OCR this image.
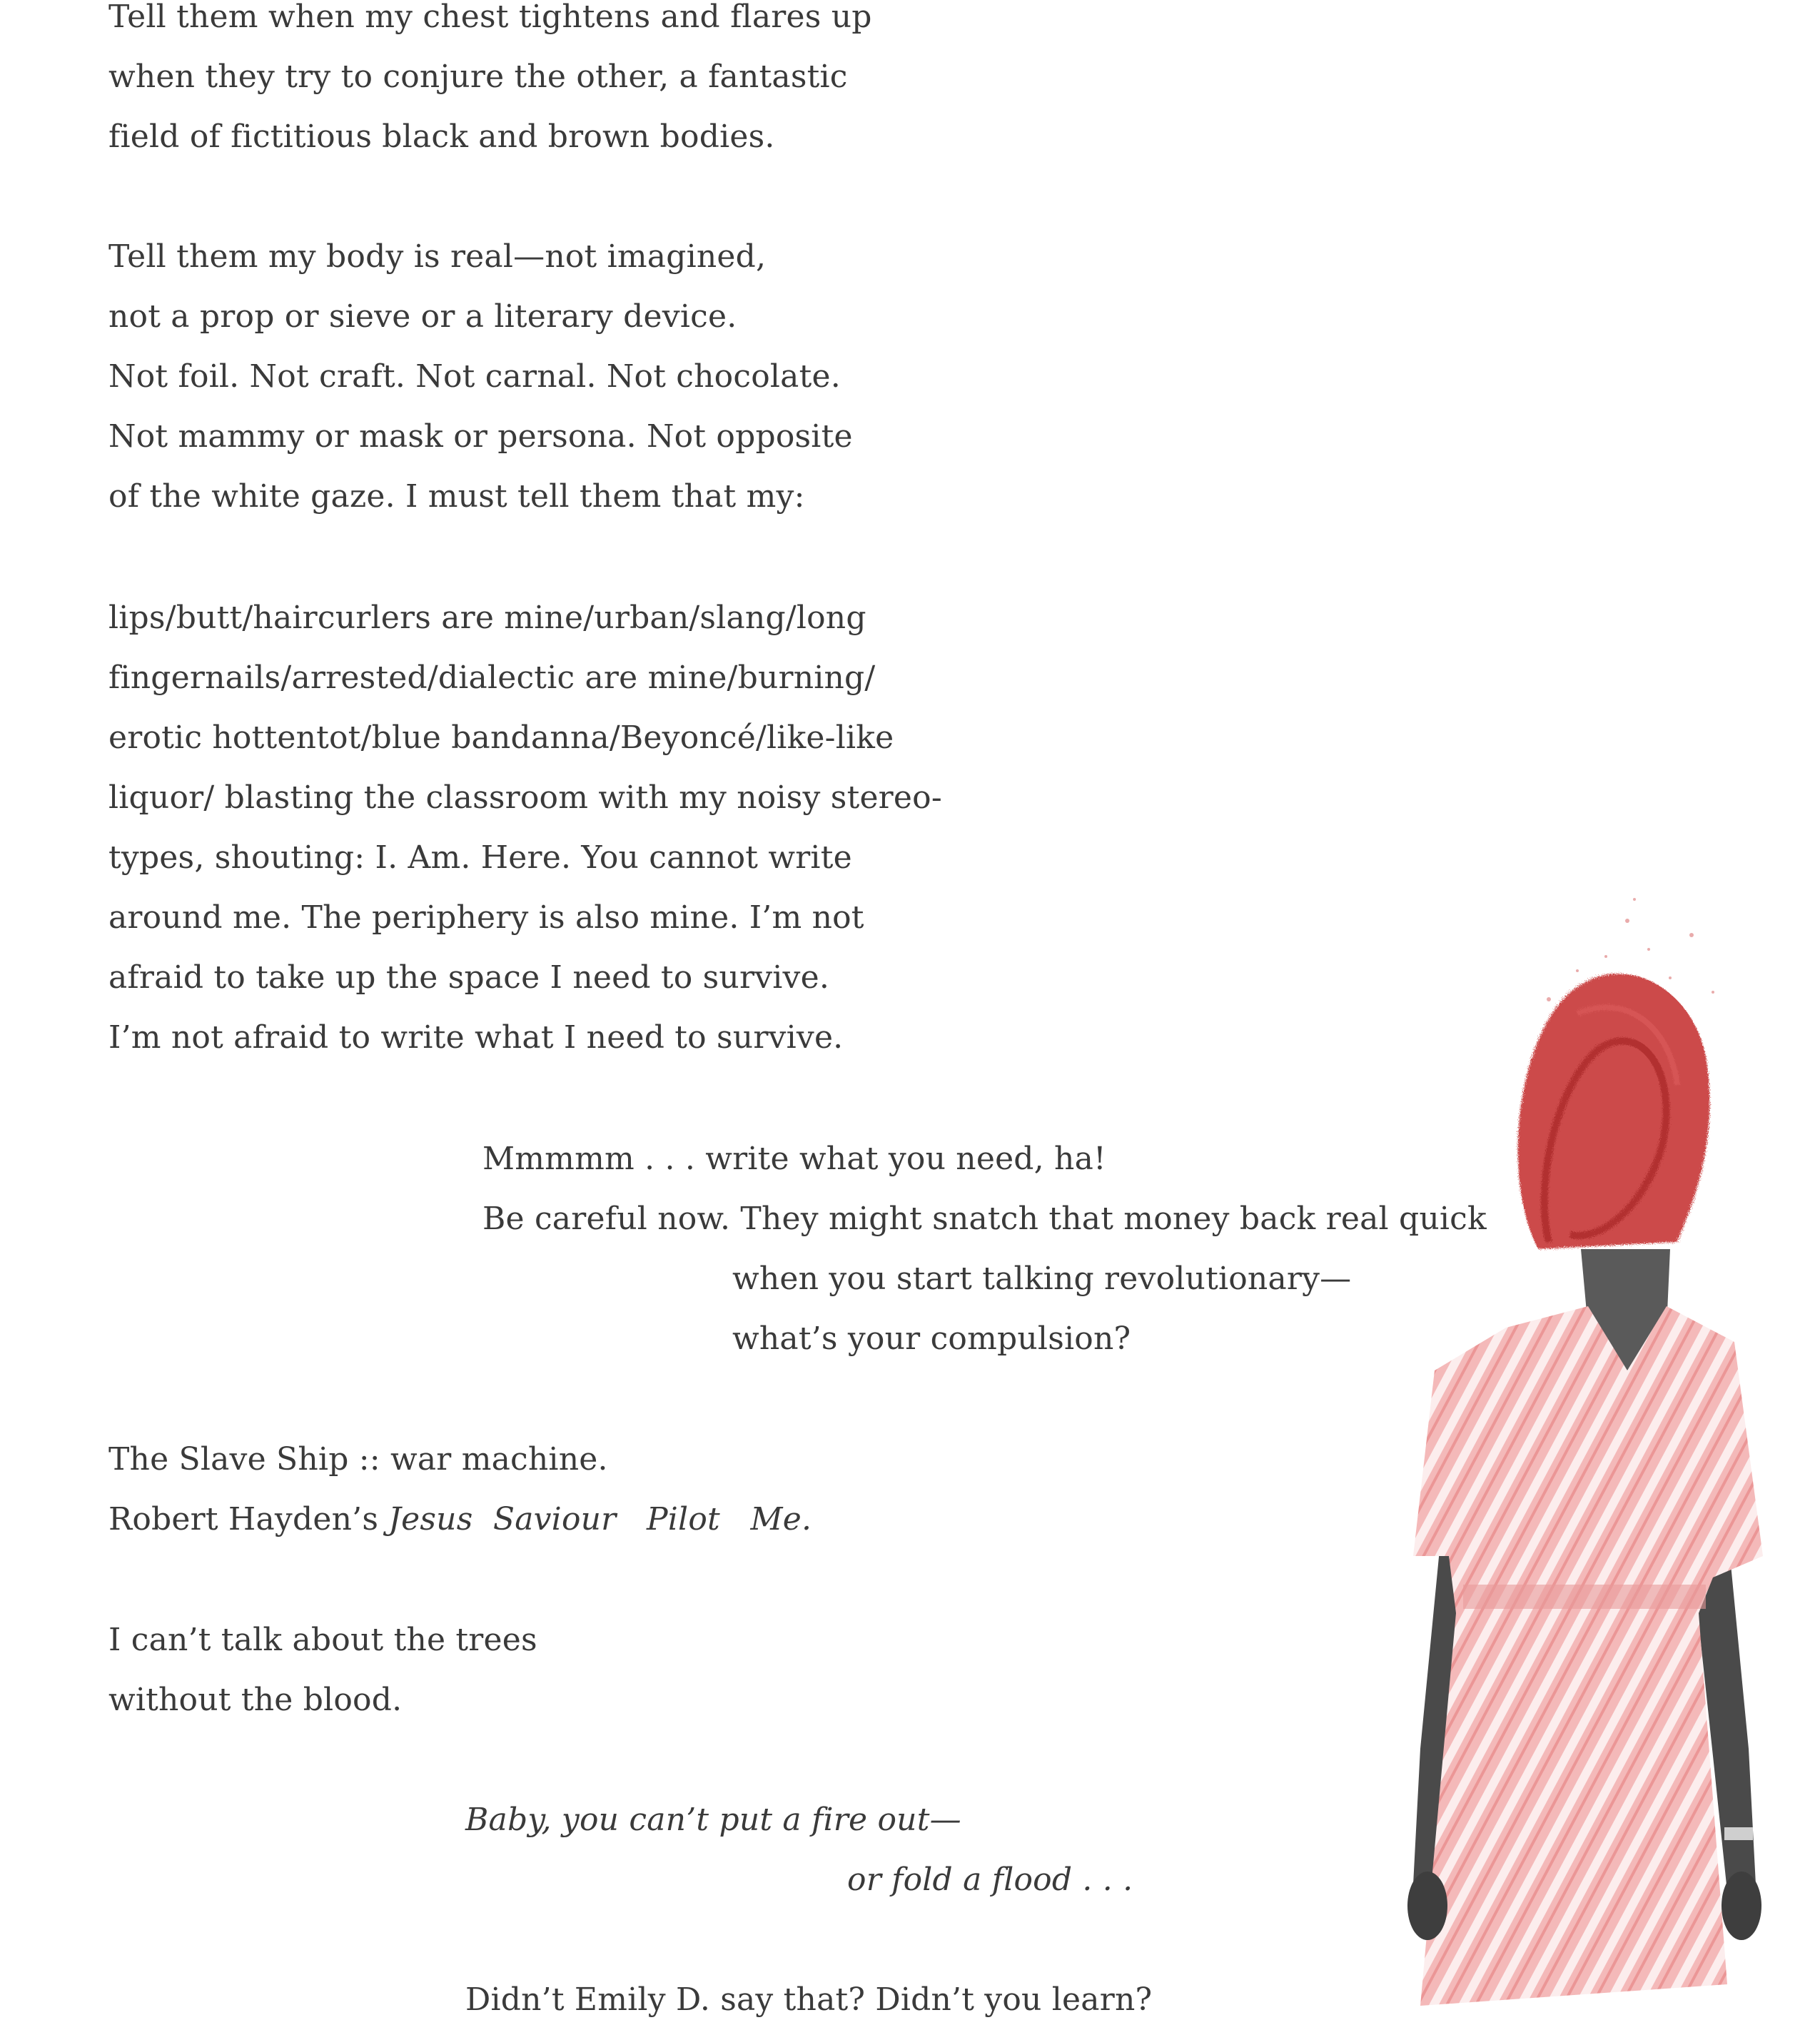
Tell them when my chest tightens and flares up
when they try to conjure the other, a fantastic
field of fictitious black and brown bodies.
Tell them my body is real—not imagined,
not a prop or sieve or a literary device.
Not foil. Not craft. Not carnal. Not chocolate.
Not mammy or mask or persona. Not opposite
of the white gaze. I must tell them that my:
lips/butt/haircurlers are mine/urban/slang/long
fingernails/arrested/dialectic are mine/burning/
erotic hottentot/blue bandanna/Beyoncé/like-like
liquor/ blasting the classroom with my noisy stereo-
types, shouting: I. Am. Here. You cannot write
around me. The periphery is also mine. I’m not
afraid to take up the space I need to survive.
I’m not afraid to write what I need to survive.
Mmmmm . . . write what you need, ha!
Be careful now. They might snatch that money back real quick
when you start talking revolutionary—
what’s your compulsion?
The Slave Ship :: war machine.
Robert Hayden’s Jesus  Saviour   Pilot   Me.
I can’t talk about the trees
without the blood.
Baby, you can’t put a fire out—
or fold a flood . . .
Didn’t Emily D. say that? Didn’t you learn?
